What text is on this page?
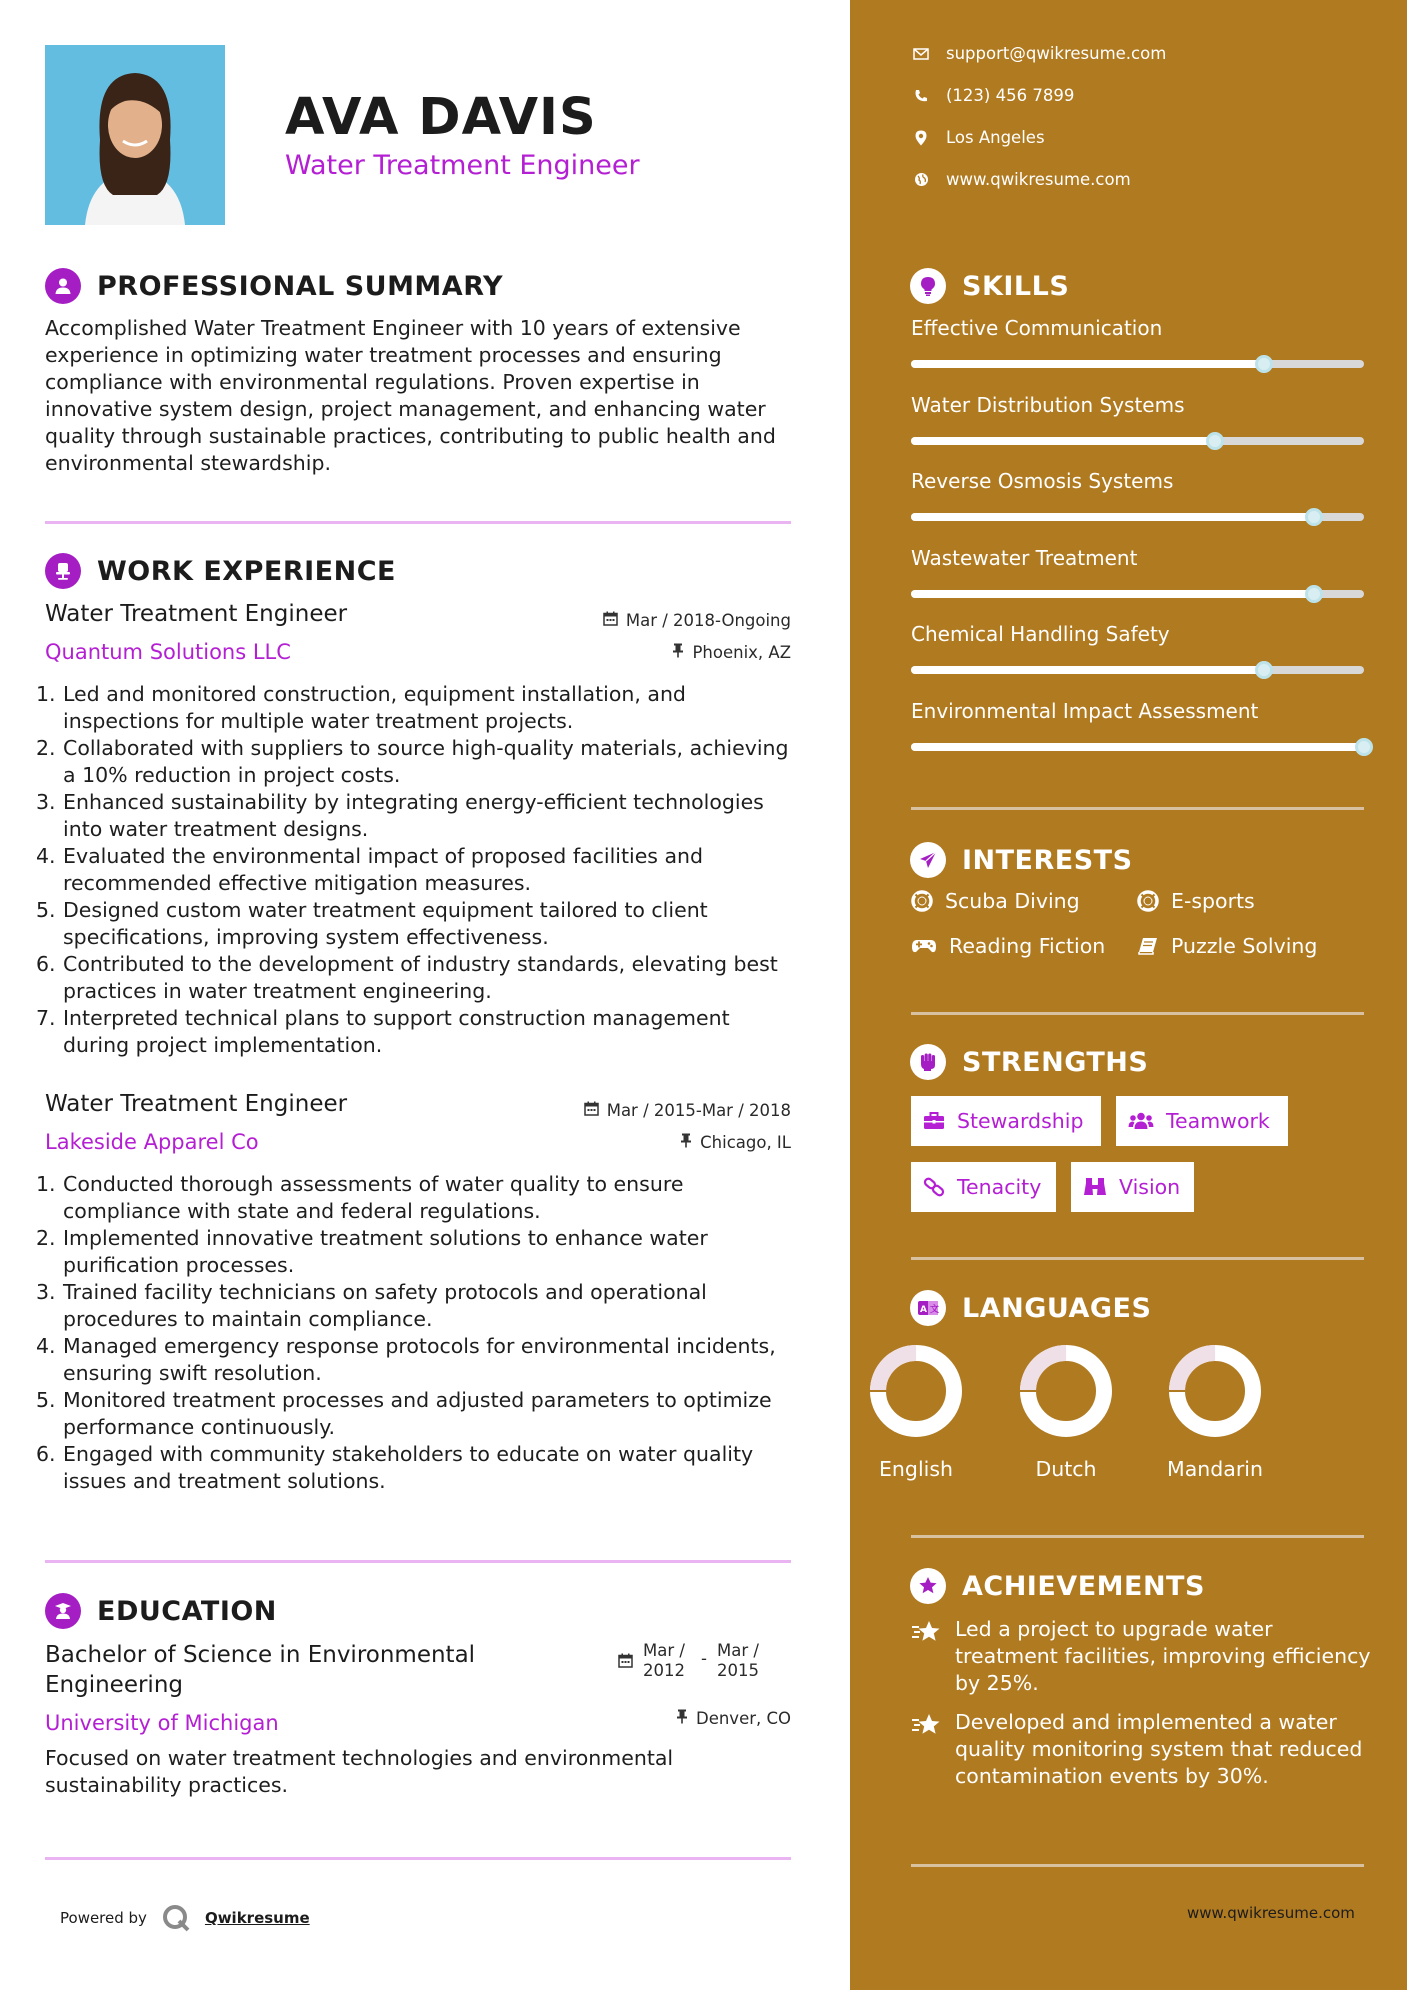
AVA DAVIS
Water Treatment Engineer
PROFESSIONAL SUMMARY
Accomplished Water Treatment Engineer with 10 years of extensive experience in optimizing water treatment processes and ensuring compliance with environmental regulations. Proven expertise in innovative system design, project management, and enhancing water quality through sustainable practices, contributing to public health and environmental stewardship.
WORK EXPERIENCE
Water Treatment Engineer	Mar / 2018-Ongoing
Quantum Solutions LLC	Phoenix, AZ
Led and monitored construction, equipment installation, and inspections for multiple water treatment projects.
Collaborated with suppliers to source high-quality materials, achieving a 10% reduction in project costs.
Enhanced sustainability by integrating energy-efficient technologies into water treatment designs.
Evaluated the environmental impact of proposed facilities and recommended effective mitigation measures.
Designed custom water treatment equipment tailored to client specifications, improving system effectiveness.
Contributed to the development of industry standards, elevating best practices in water treatment engineering.
Interpreted technical plans to support construction management during project implementation.
Water Treatment Engineer	Mar / 2015-Mar / 2018
Lakeside Apparel Co	Chicago, IL
Conducted thorough assessments of water quality to ensure compliance with state and federal regulations.
Implemented innovative treatment solutions to enhance water purification processes.
Trained facility technicians on safety protocols and operational procedures to maintain compliance.
Managed emergency response protocols for environmental incidents, ensuring swift resolution.
Monitored treatment processes and adjusted parameters to optimize performance continuously.
Engaged with community stakeholders to educate on water quality issues and treatment solutions.
EDUCATION
Bachelor of Science in Environmental Engineering
Mar / 2012
- Mar / 2015
University of Michigan	Denver, CO
Focused on water treatment technologies and environmental sustainability practices.
Powered by	Qwikresume
support@qwikresume.com
(123) 456 7899
Los Angeles
www.qwikresume.com
SKILLS
Effective Communication
Water Distribution Systems
Reverse Osmosis Systems
Wastewater Treatment
Chemical Handling Safety
Environmental Impact Assessment
INTERESTS
Scuba Diving	E-sports
Reading Fiction	Puzzle Solving
STRENGTHS
Stewardship	Teamwork
Tenacity	Vision
A 文 LANGUAGES
English	Dutch	Mandarin
ACHIEVEMENTS
Led a project to upgrade water treatment facilities, improving efficiency by 25%.
Developed and implemented a water quality monitoring system that reduced contamination events by 30%.
www.qwikresume.com
